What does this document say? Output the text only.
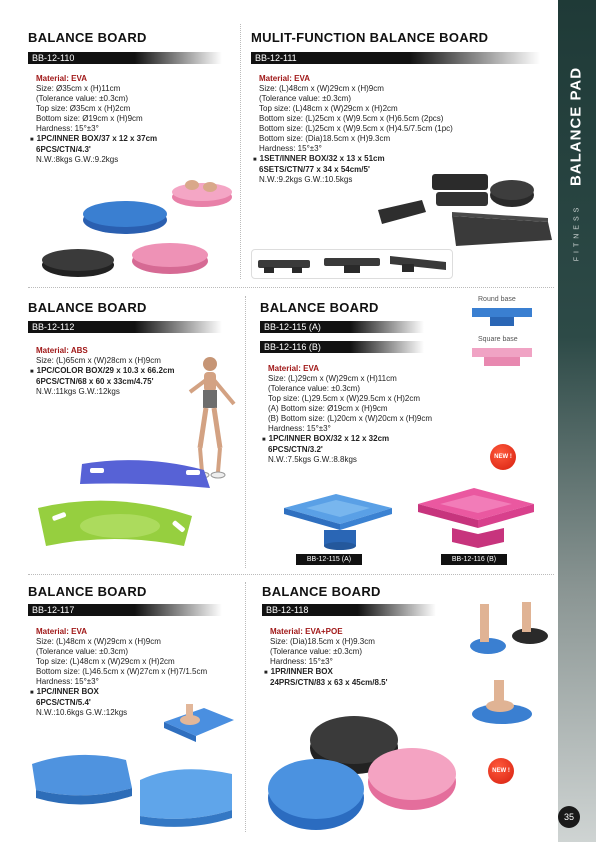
BALANCE PAD
FITNESS
35
BALANCE BOARD
BB-12-110
Material: EVA
Size: Ø35cm x (H)11cm
(Tolerance value: ±0.3cm)
Top size: Ø35cm x (H)2cm
Bottom size: Ø19cm x (H)9cm
Hardness: 15°±3°
■ 1PC/INNER BOX/37 x 12 x 37cm
6PCS/CTN/4.3'
N.W.:8kgs G.W.:9.2kgs
MULIT-FUNCTION BALANCE BOARD
BB-12-111
Material: EVA
Size: (L)48cm x (W)29cm x (H)9cm
(Tolerance value: ±0.3cm)
Top size: (L)48cm x (W)29cm x (H)2cm
Bottom size: (L)25cm x (W)9.5cm x (H)6.5cm (2pcs)
Bottom size: (L)25cm x (W)9.5cm x (H)4.5/7.5cm (1pc)
Bottom size: (Dia)18.5cm x (H)9.3cm
Hardness: 15°±3°
■ 1SET/INNER BOX/32 x 13 x 51cm
6SETS/CTN/77 x 34 x 54cm/5'
N.W.:9.2kgs G.W.:10.5kgs
BALANCE BOARD
BB-12-112
Material: ABS
Size: (L)65cm x (W)28cm x (H)9cm
■ 1PC/COLOR BOX/29 x 10.3 x 66.2cm
6PCS/CTN/68 x 60 x 33cm/4.75'
N.W.:11kgs G.W.:12kgs
BALANCE BOARD
Round base
Square base
BB-12-115 (A)
BB-12-116 (B)
Material: EVA
Size: (L)29cm x (W)29cm x (H)11cm
(Tolerance value: ±0.3cm)
Top size: (L)29.5cm x (W)29.5cm x (H)2cm
(A) Bottom size: Ø19cm x (H)9cm
(B) Bottom size: (L)20cm x (W)20cm x (H)9cm
Hardness: 15°±3°
■ 1PC/INNER BOX/32 x 12 x 32cm
6PCS/CTN/3.2'
N.W.:7.5kgs G.W.:8.8kgs	NEW !
BB-12-115 (A)	BB-12-116 (B)
BALANCE BOARD
BB-12-117
Material: EVA
Size: (L)48cm x (W)29cm x (H)9cm
(Tolerance value: ±0.3cm)
Top size: (L)48cm x (W)29cm x (H)2cm
Bottom size: (L)46.5cm x (W)27cm x (H)7/1.5cm
Hardness: 15°±3°
■ 1PC/INNER BOX
6PCS/CTN/5.4'
N.W.:10.6kgs G.W.:12kgs
BALANCE BOARD
BB-12-118
Material: EVA+POE
Size: (Dia)18.5cm x (H)9.3cm
(Tolerance value: ±0.3cm)
Hardness: 15°±3°
■ 1PR/INNER BOX
24PRS/CTN/83 x 63 x 45cm/8.5'
NEW !
